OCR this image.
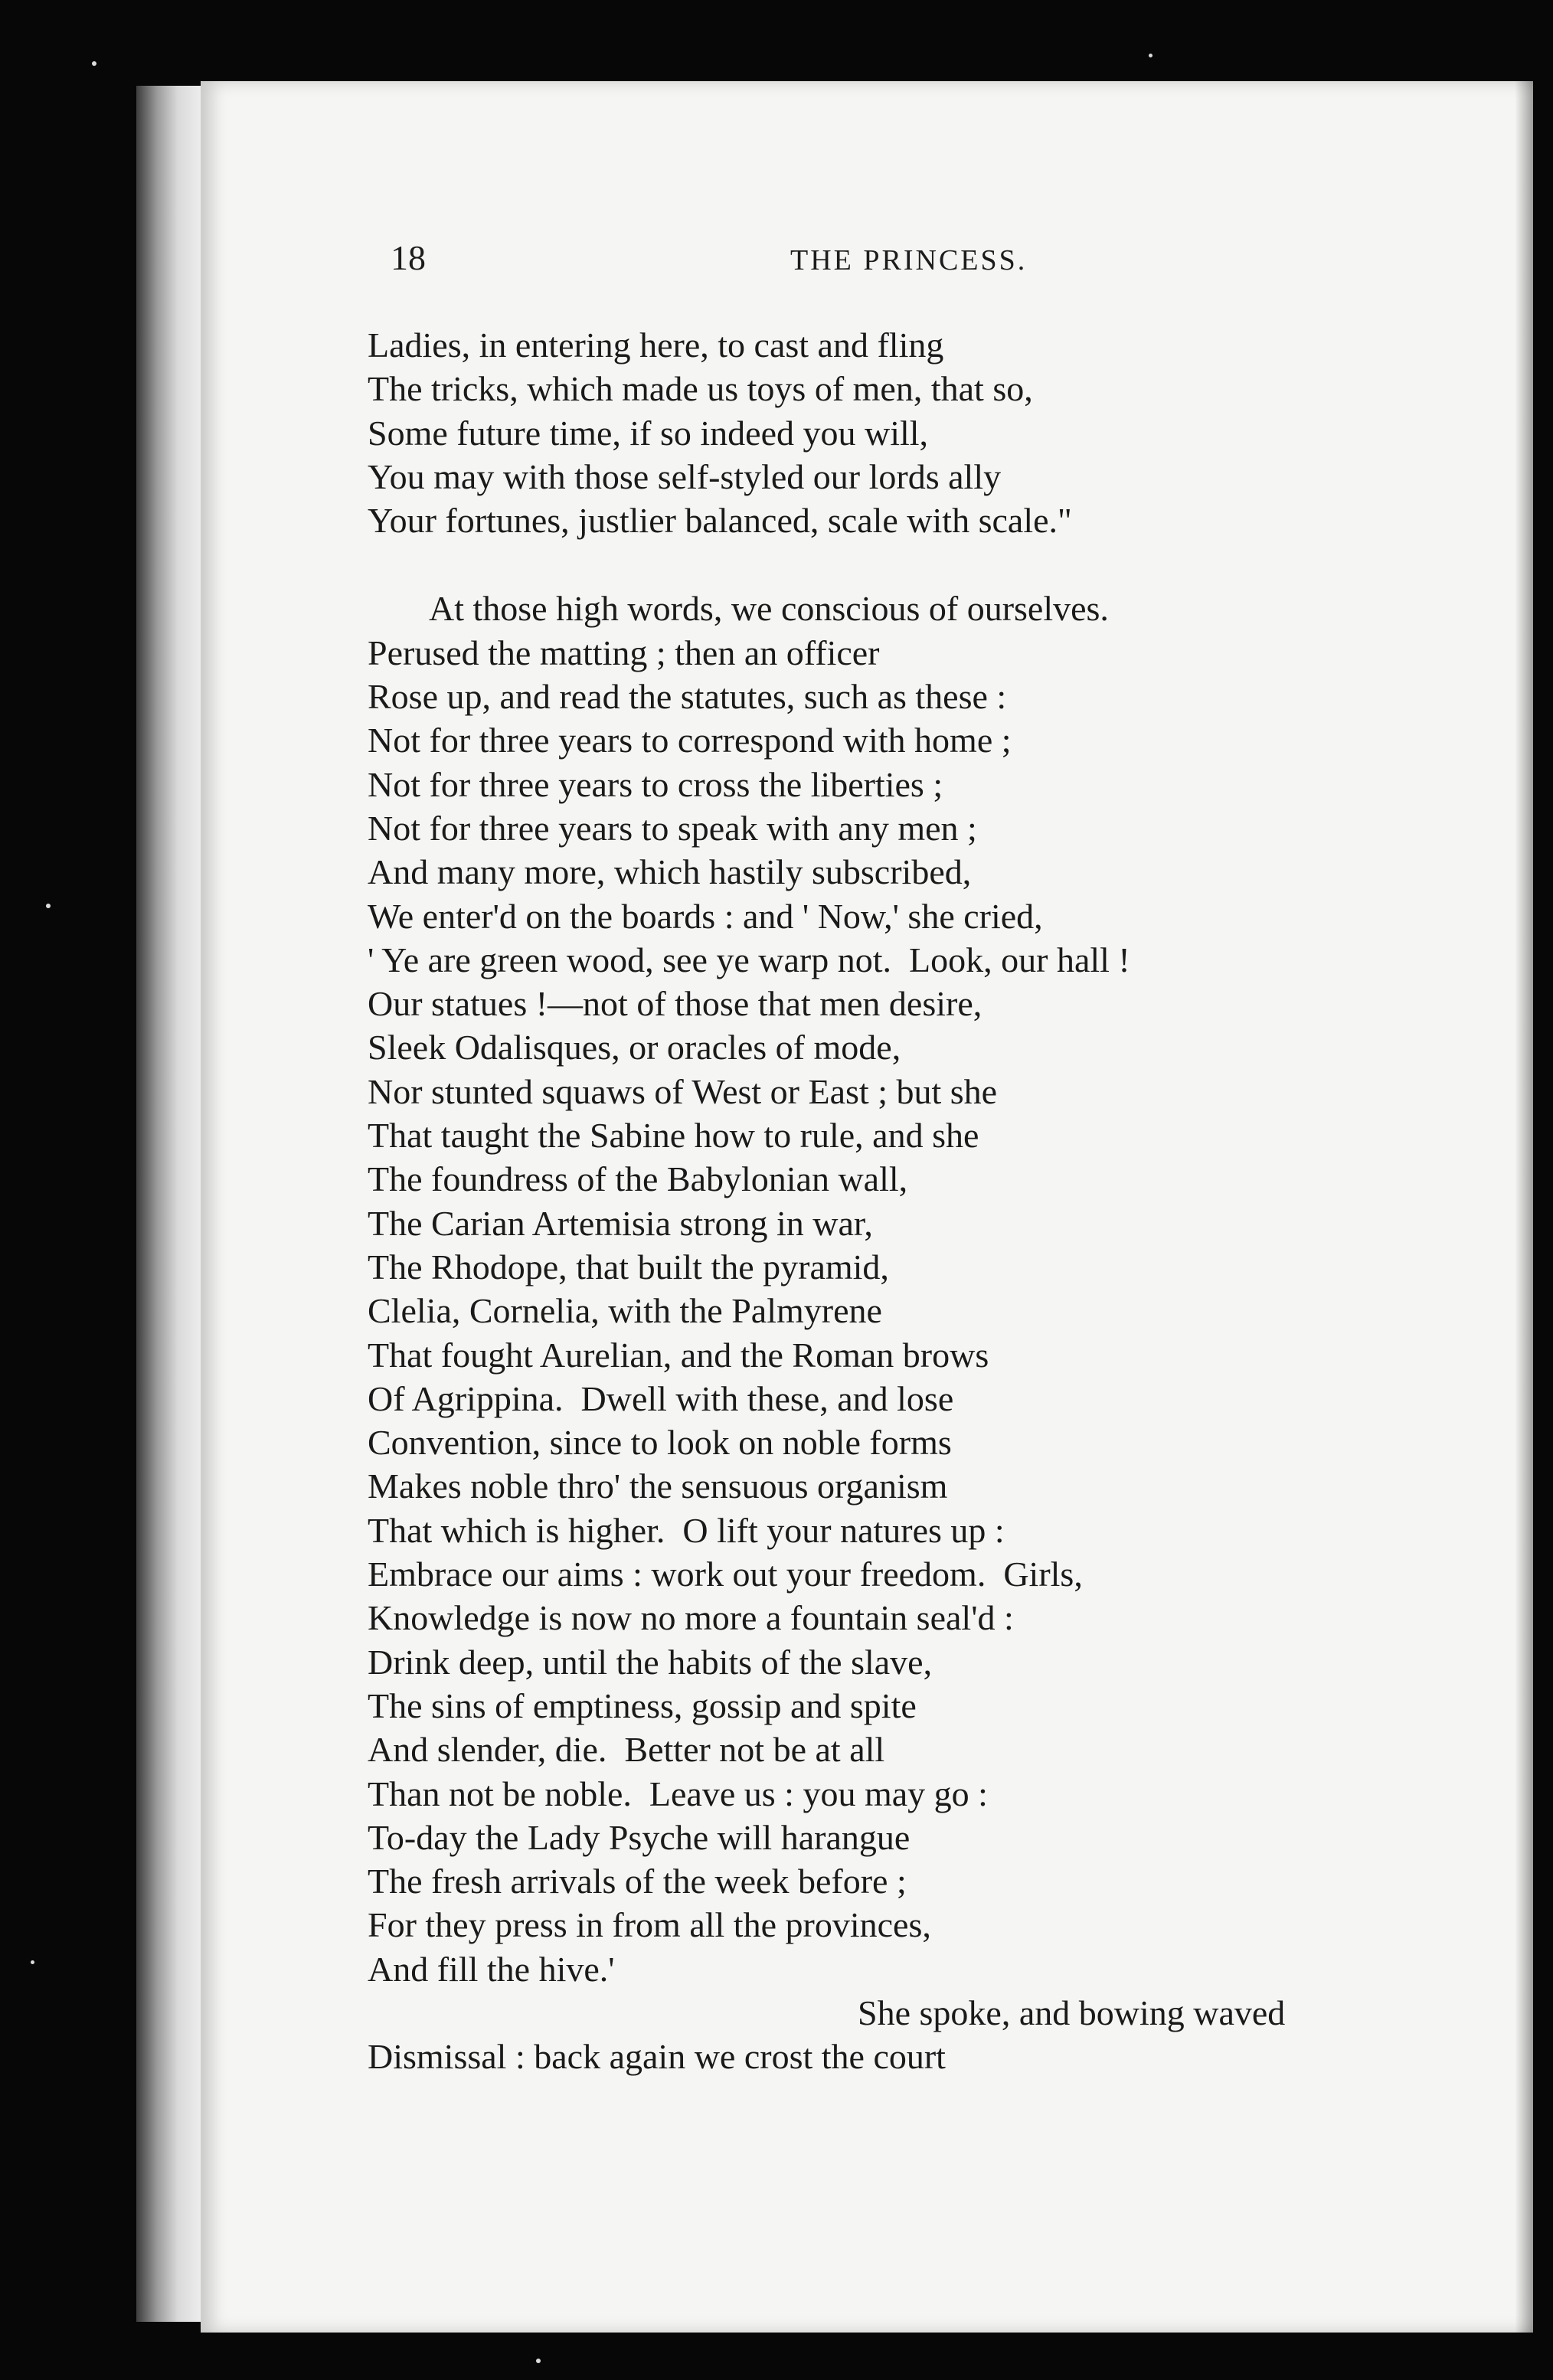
18	THE PRINCESS.
Ladies, in entering here, to cast and fling
The tricks, which made us toys of men, that so,
Some future time, if so indeed you will,
You may with those self-styled our lords ally
Your fortunes, justlier balanced, scale with scale."
At those high words, we conscious of ourselves.
Perused the matting ; then an officer
Rose up, and read the statutes, such as these :
Not for three years to correspond with home ;
Not for three years to cross the liberties ;
Not for three years to speak with any men ;
And many more, which hastily subscribed,
We enter'd on the boards : and ' Now,' she cried,
' Ye are green wood, see ye warp not.  Look, our hall !
Our statues !—not of those that men desire,
Sleek Odalisques, or oracles of mode,
Nor stunted squaws of West or East ; but she
That taught the Sabine how to rule, and she
The foundress of the Babylonian wall,
The Carian Artemisia strong in war,
The Rhodope, that built the pyramid,
Clelia, Cornelia, with the Palmyrene
That fought Aurelian, and the Roman brows
Of Agrippina.  Dwell with these, and lose
Convention, since to look on noble forms
Makes noble thro' the sensuous organism
That which is higher.  O lift your natures up :
Embrace our aims : work out your freedom.  Girls,
Knowledge is now no more a fountain seal'd :
Drink deep, until the habits of the slave,
The sins of emptiness, gossip and spite
And slender, die.  Better not be at all
Than not be noble.  Leave us : you may go :
To-day the Lady Psyche will harangue
The fresh arrivals of the week before ;
For they press in from all the provinces,
And fill the hive.'
She spoke, and bowing waved
Dismissal : back again we crost the court
